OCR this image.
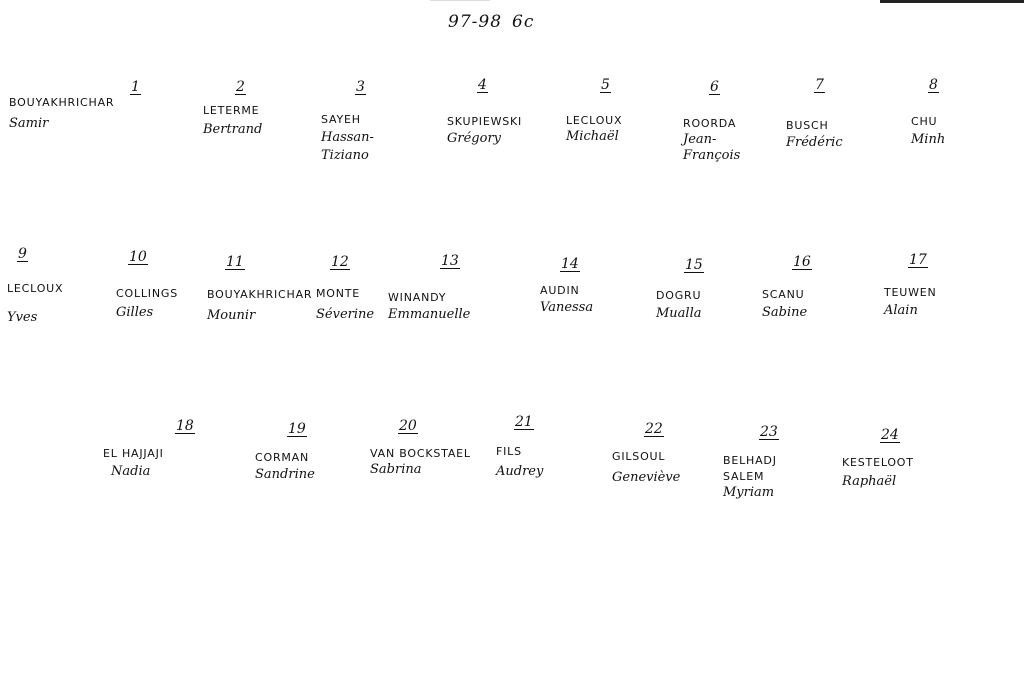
97-98 6c
1
BOUYAKHRICHAR
Samir
2
LETERME
Bertrand
3
SAYEH
Hassan-
Tiziano
4
SKUPIEWSKI
Grégory
5
LECLOUX
Michaël
6
ROORDA
Jean-
François
7
BUSCH
Frédéric
8
CHU
Minh
9
LECLOUX
Yves
10
COLLINGS
Gilles
11
BOUYAKHRICHAR
Mounir
12
MONTE
Séverine
13
WINANDY
Emmanuelle
14
AUDIN
Vanessa
15
DOGRU
Mualla
16
SCANU
Sabine
17
TEUWEN
Alain
18
EL HAJJAJI
Nadia
19
CORMAN
Sandrine
20
VAN BOCKSTAEL
Sabrina
21
FILS
Audrey
22
GILSOUL
Geneviève
23
BELHADJ SALEM
Myriam
24
KESTELOOT
Raphaël
